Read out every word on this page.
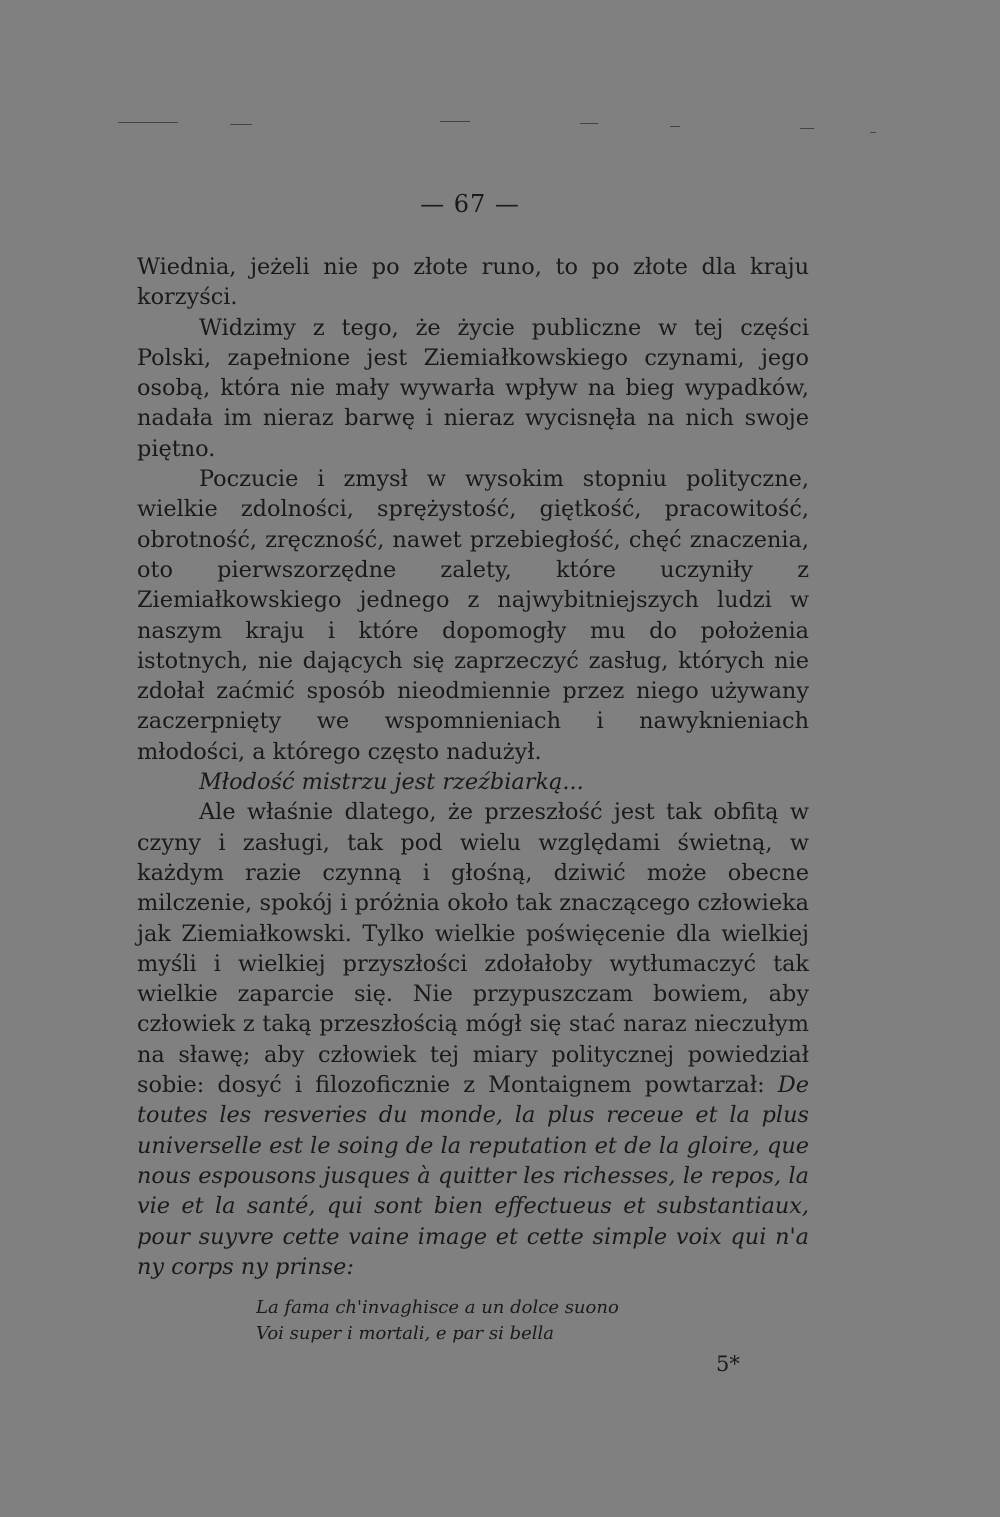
— 67 —

Wiednia, jeżeli nie po złote runo, to po złote dla kraju korzyści.

Widzimy z tego, że życie publiczne w tej części Polski, zapełnione jest Ziemiałkowskiego czynami, jego osobą, która nie mały wywarła wpływ na bieg wypadków, nadała im nieraz barwę i nieraz wycisnęła na nich swoje piętno.

Poczucie i zmysł w wysokim stopniu polityczne, wielkie zdolności, sprężystość, giętkość, pracowitość, obrotność, zręczność, nawet przebiegłość, chęć znaczenia, oto pierwszorzędne zalety, które uczyniły z Ziemiałkowskiego jednego z najwybitniejszych ludzi w naszym kraju i które dopomogły mu do położenia istotnych, nie dających się zaprzeczyć zasług, których nie zdołał zaćmić sposób nieodmiennie przez niego używany zaczerpnięty we wspomnieniach i nawyknieniach młodości, a którego często nadużył.

Młodość mistrzu jest rzeźbiarką...

Ale właśnie dlatego, że przeszłość jest tak obfitą w czyny i zasługi, tak pod wielu względami świetną, w każdym razie czynną i głośną, dziwić może obecne milczenie, spokój i próżnia około tak znaczącego człowieka jak Ziemiałkowski. Tylko wielkie poświęcenie dla wielkiej myśli i wielkiej przyszłości zdołałoby wytłumaczyć tak wielkie zaparcie się. Nie przypuszczam bowiem, aby człowiek z taką przeszłością mógł się stać naraz nieczułym na sławę; aby człowiek tej miary politycznej powiedział sobie: dosyć i filozoficznie z Montaignem powtarzał: De toutes les resveries du monde, la plus receue et la plus universelle est le soing de la reputation et de la gloire, que nous espousons jusques à quitter les richesses, le repos, la vie et la santé, qui sont bien effectueus et substantiaux, pour suyvre cette vaine image et cette simple voix qui n'a ny corps ny prinse:

La fama ch'invaghisce a un dolce suono
Voi super i mortali, e par si bella
5*
